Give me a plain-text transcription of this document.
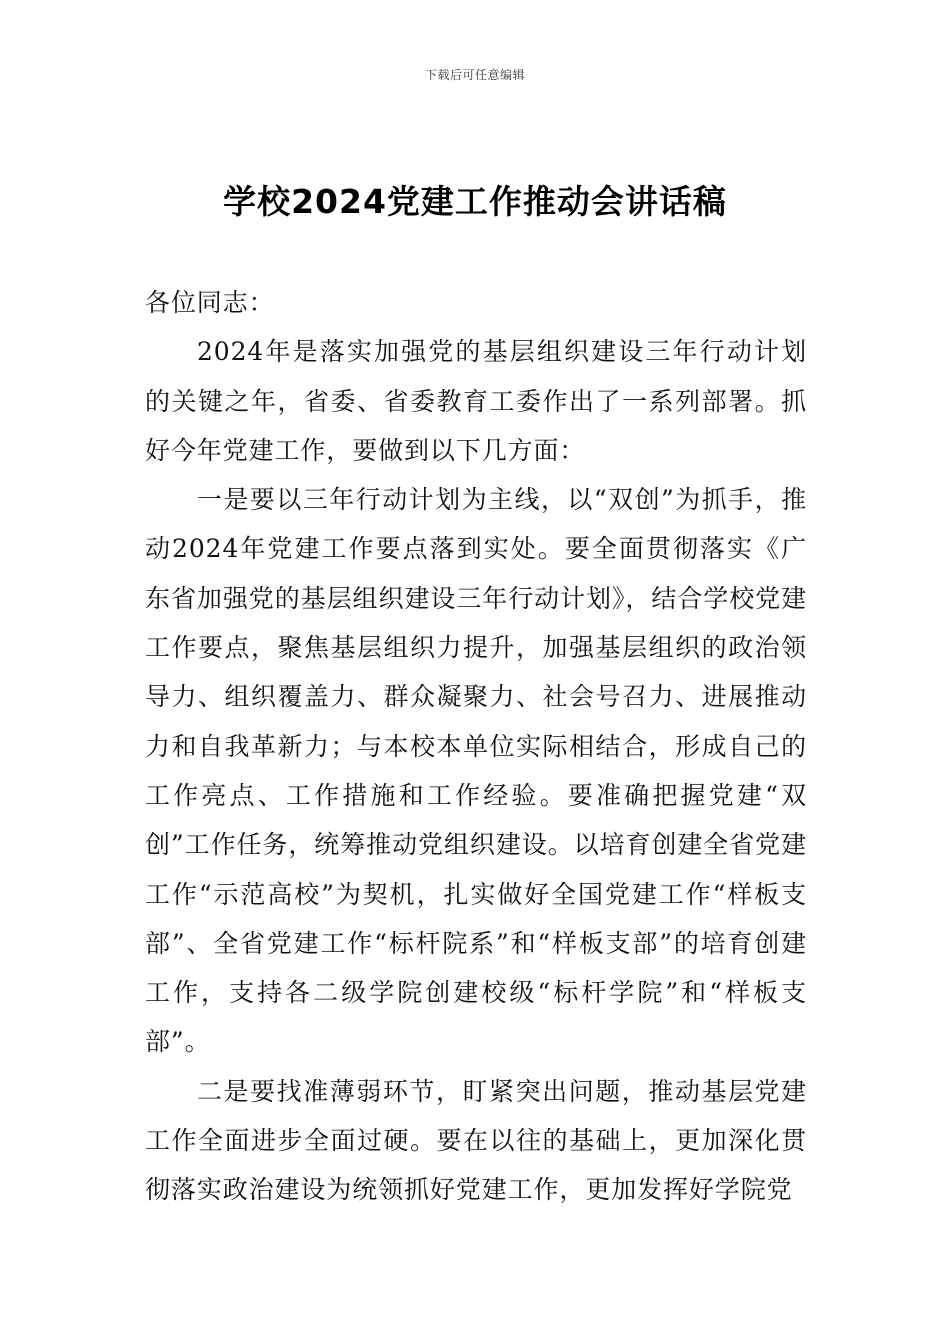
下载后可任意编辑
学校2024党建工作推动会讲话稿

各位同志：

2024年是落实加强党的基层组织建设三年行动计划的关键之年，省委、省委教育工委作出了一系列部署。抓好今年党建工作，要做到以下几方面：

一是要以三年行动计划为主线，以“双创”为抓手，推动2024年党建工作要点落到实处。要全面贯彻落实《广东省加强党的基层组织建设三年行动计划》，结合学校党建工作要点，聚焦基层组织力提升，加强基层组织的政治领导力、组织覆盖力、群众凝聚力、社会号召力、进展推动力和自我革新力；与本校本单位实际相结合，形成自己的工作亮点、工作措施和工作经验。要准确把握党建“双创”工作任务，统筹推动党组织建设。以培育创建全省党建工作“示范高校”为契机，扎实做好全国党建工作“样板支部”、全省党建工作“标杆院系”和“样板支部”的培育创建工作，支持各二级学院创建校级“标杆学院”和“样板支部”。

二是要找准薄弱环节，盯紧突出问题，推动基层党建工作全面进步全面过硬。要在以往的基础上，更加深化贯彻落实政治建设为统领抓好党建工作，更加发挥好学院党
